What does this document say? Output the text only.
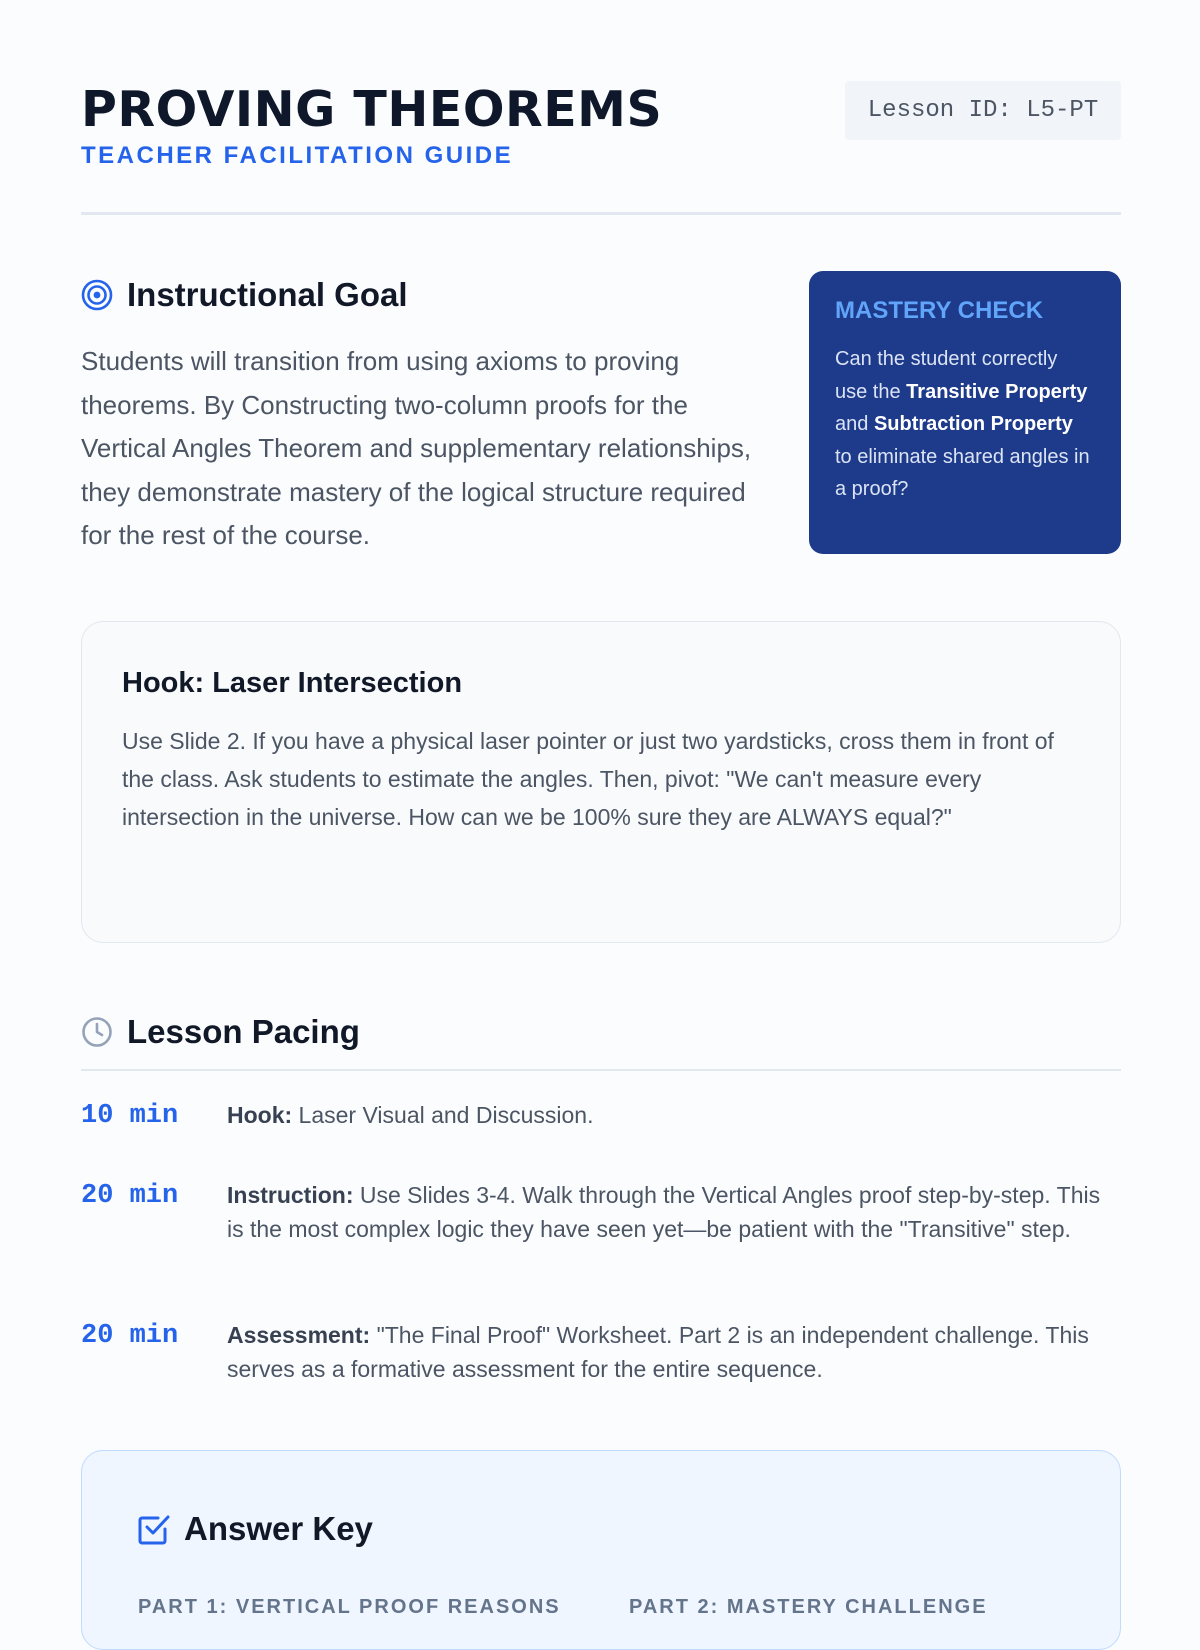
PROVING THEOREMS
TEACHER FACILITATION GUIDE
Lesson ID: L5-PT
Instructional Goal

Students will transition from using axioms to proving theorems. By Constructing two-column proofs for the Vertical Angles Theorem and supplementary relationships, they demonstrate mastery of the logical structure required for the rest of the course.

MASTERY CHECK

Can the student correctly use the Transitive Property and Subtraction Property to eliminate shared angles in a proof?

Hook: Laser Intersection

Use Slide 2. If you have a physical laser pointer or just two yardsticks, cross them in front of the class. Ask students to estimate the angles. Then, pivot: "We can't measure every intersection in the universe. How can we be 100% sure they are ALWAYS equal?"

Lesson Pacing
10 min	Hook: Laser Visual and Discussion.
20 min	Instruction: Use Slides 3-4. Walk through the Vertical Angles proof step-by-step. This is the most complex logic they have seen yet—be patient with the "Transitive" step.
20 min	Assessment: "The Final Proof" Worksheet. Part 2 is an independent challenge. This serves as a formative assessment for the entire sequence.
Answer Key
PART 1: VERTICAL PROOF REASONS	PART 2: MASTERY CHALLENGE
